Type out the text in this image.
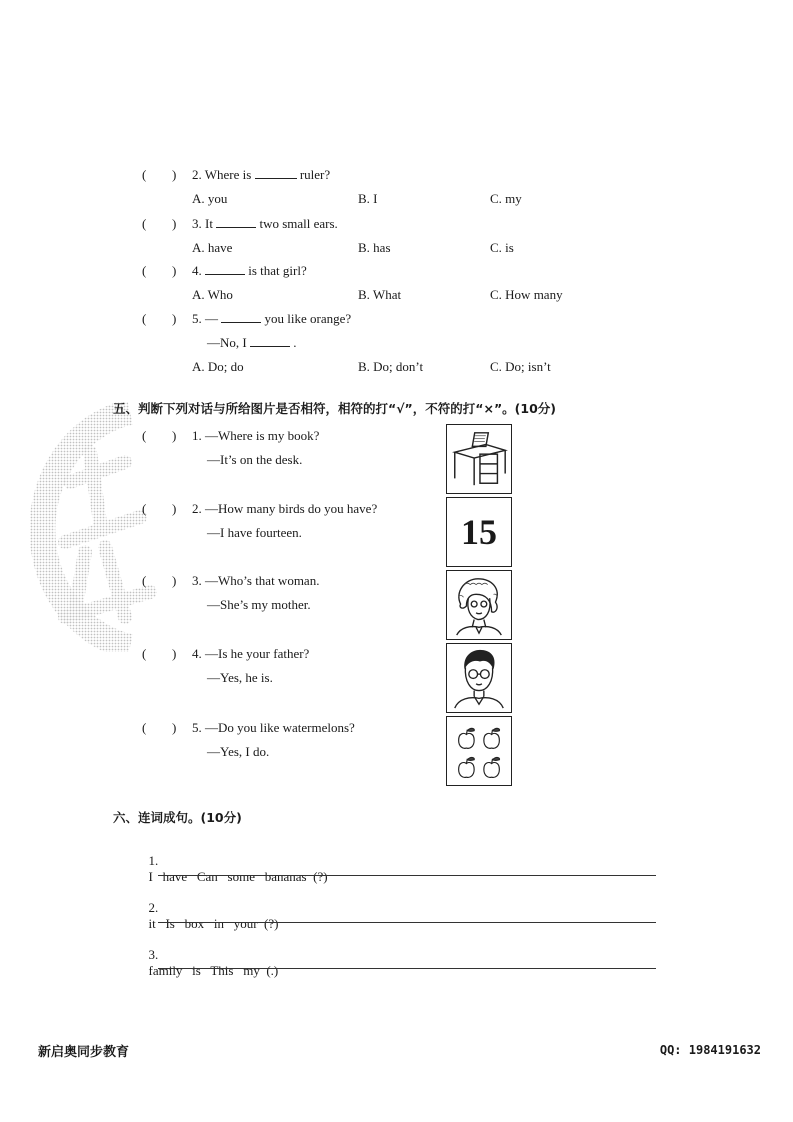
( ) 2. Where is	ruler?
A. you	B. I	C. my
( ) 3. It	two small ears.
A. have	B. has	C. is
( ) 4.	is that girl?
A. Who	B. What	C. How many
( ) 5. —	you like orange?
—No, I	.
A. Do; do	B. Do; don’t	C. Do; isn’t
五、判断下列对话与所给图片是否相符，相符的打“√”，不符的打“×”。(10分)
( ) 1. —Where is my book?
—It’s on the desk.
( ) 2. —How many birds do you have?
—I have fourteen.	15
( ) 3. —Who’s that woman.
—She’s my mother.
( ) 4. —Is he your father?
—Yes, he is.
( ) 5. —Do you like watermelons?
—Yes, I do.
六、连词成句。(10分)

1.
I   have   Can   some   bananas  (?)

2.
it   Is   box   in   your  (?)

3.
family   is   This   my  (.)

新启奥同步教育	QQ: 1984191632
